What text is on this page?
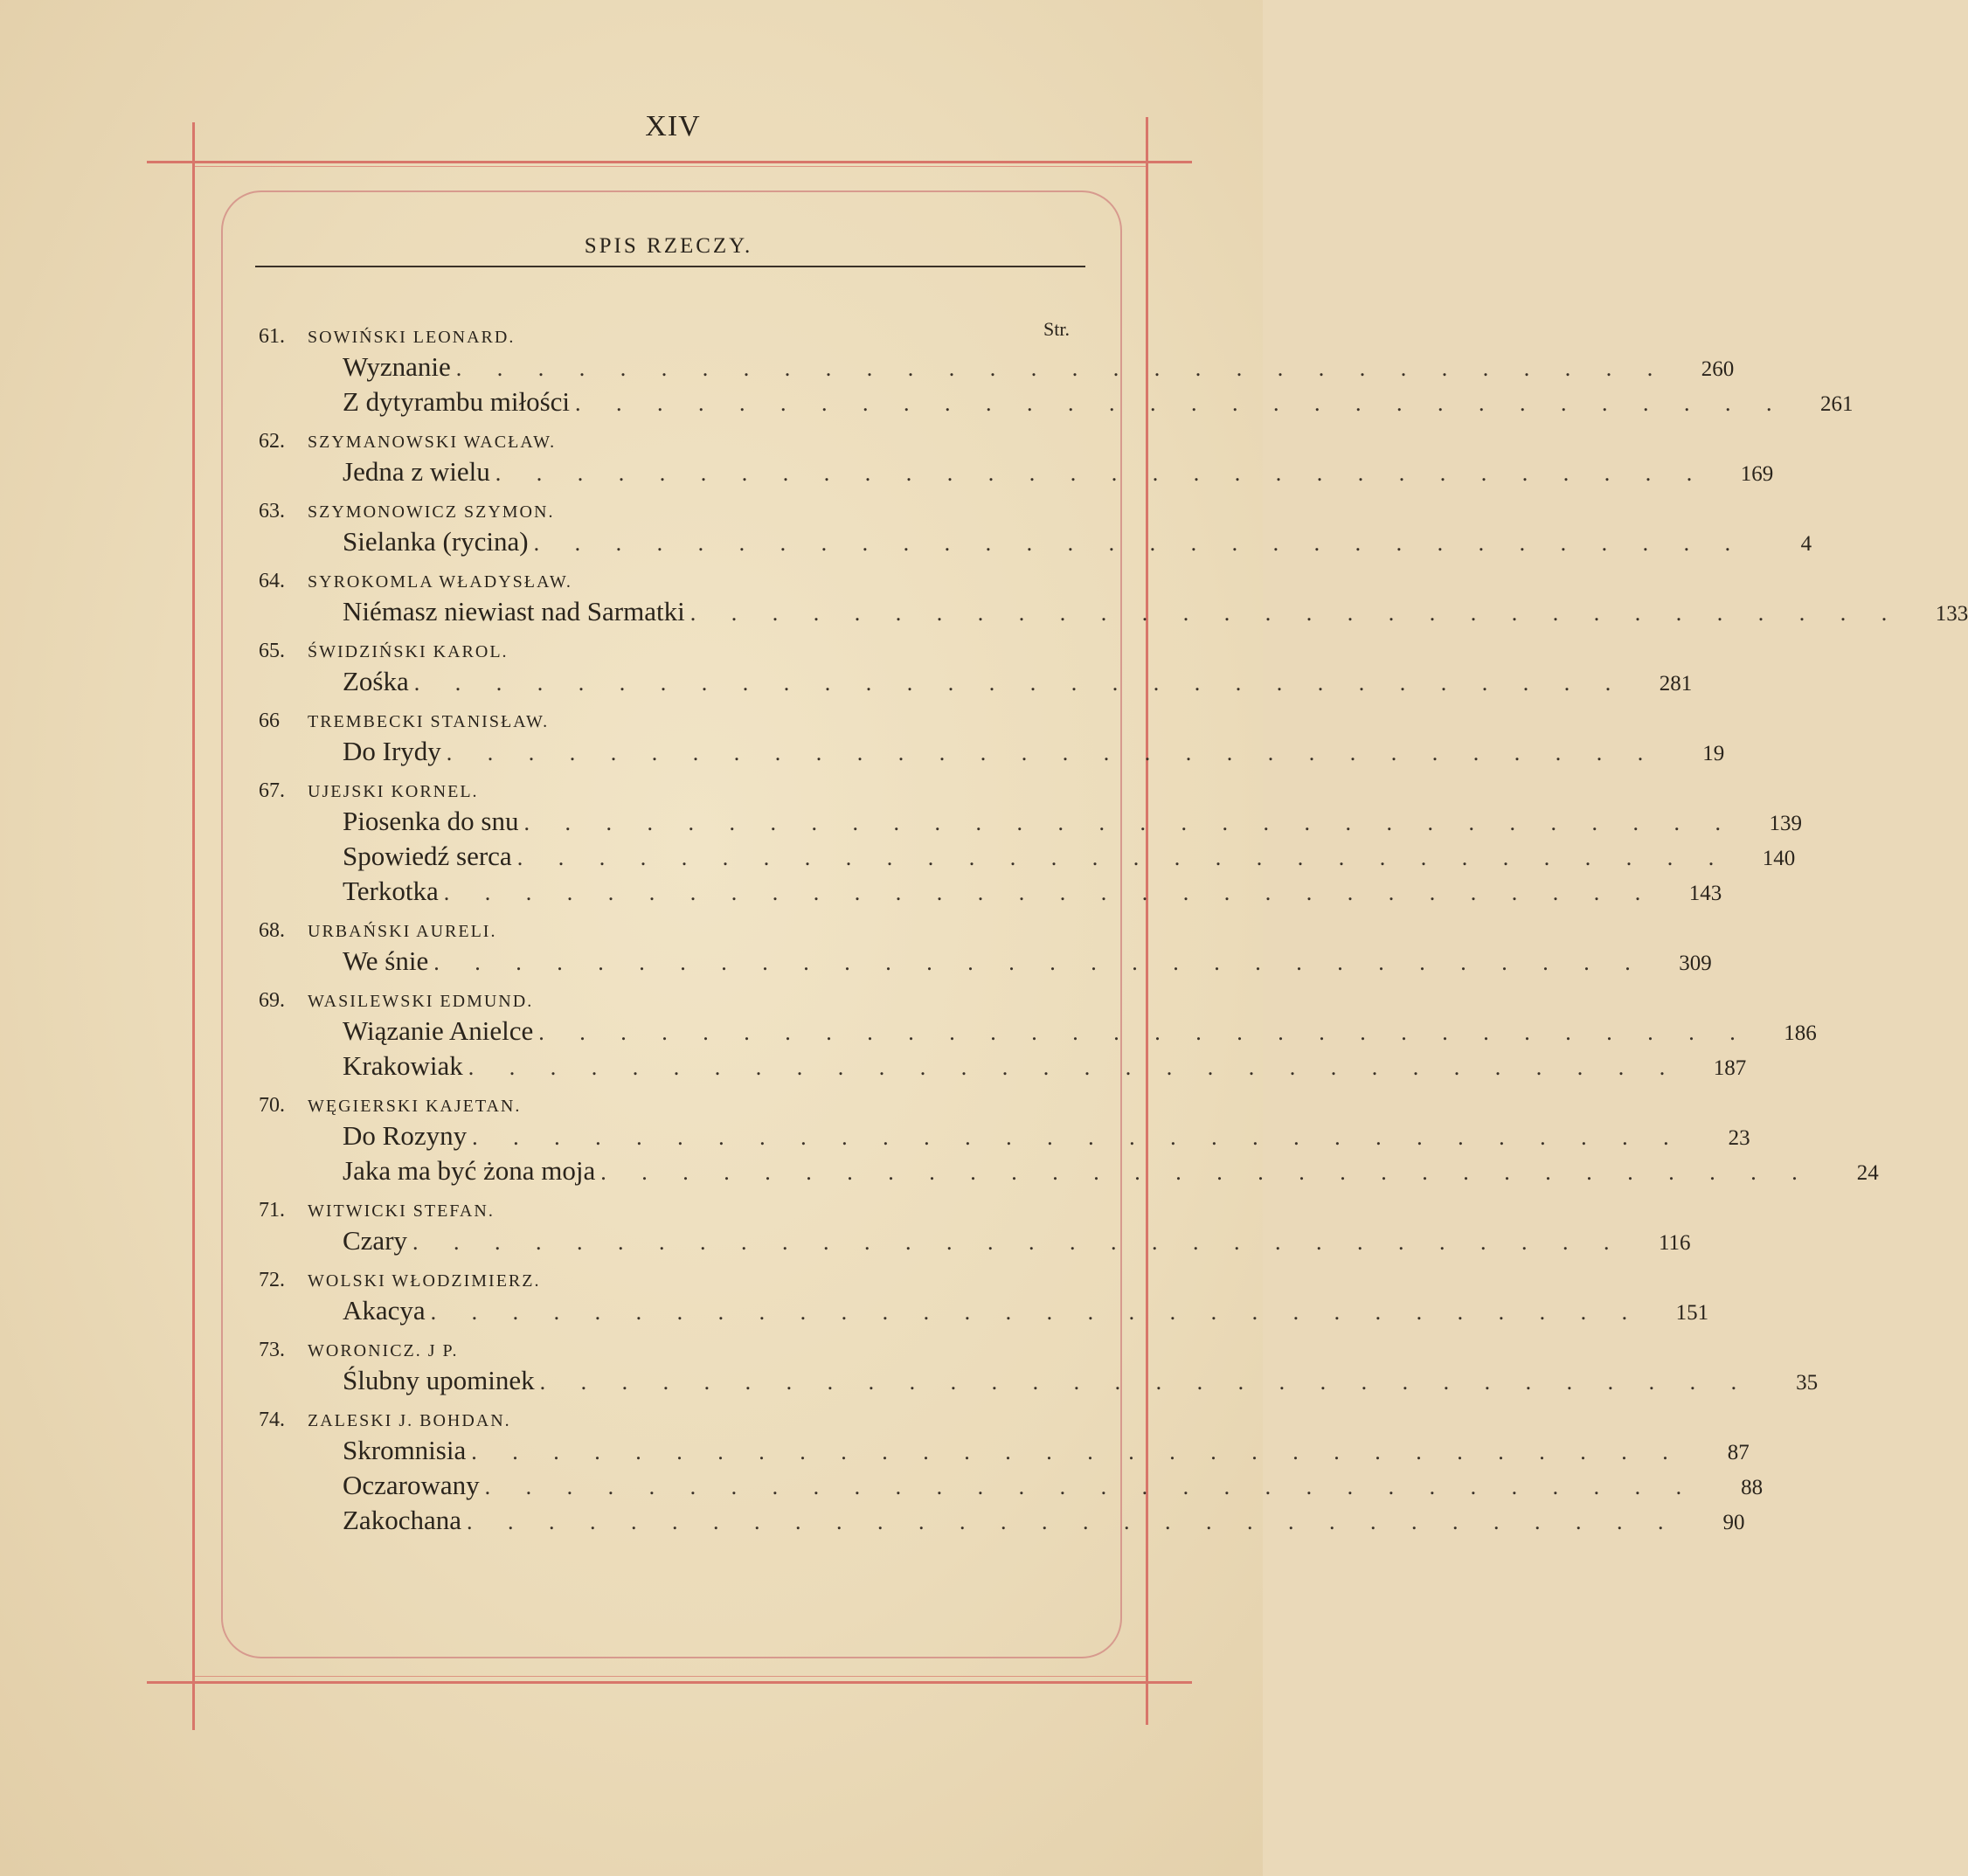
XIV
SPIS RZECZY.
Str.
61. SOWIŃSKI LEONARD.
Wyznanie . . . . . . . . . . . . . . . . . . . . . . . . . . . . . .	260
Z dytyrambu miłości . . . . . . . . . . . . . . . . . . . . . . . . . . . . . .	261
62. SZYMANOWSKI WACŁAW.
Jedna z wielu . . . . . . . . . . . . . . . . . . . . . . . . . . . . . .	169
63. SZYMONOWICZ SZYMON.
Sielanka (rycina) . . . . . . . . . . . . . . . . . . . . . . . . . . . . . .	4
64. SYROKOMLA WŁADYSŁAW.
Niémasz niewiast nad Sarmatki . . . . . . . . . . . . . . . . . . . . . . . . . . . . . .	133
65. ŚWIDZIŃSKI KAROL.
Zośka . . . . . . . . . . . . . . . . . . . . . . . . . . . . . .	281
66 TREMBECKI STANISŁAW.
Do Irydy . . . . . . . . . . . . . . . . . . . . . . . . . . . . . .	19
67. UJEJSKI KORNEL.
Piosenka do snu . . . . . . . . . . . . . . . . . . . . . . . . . . . . . .	139
Spowiedź serca . . . . . . . . . . . . . . . . . . . . . . . . . . . . . .	140
Terkotka . . . . . . . . . . . . . . . . . . . . . . . . . . . . . .	143
68. URBAŃSKI AURELI.
We śnie . . . . . . . . . . . . . . . . . . . . . . . . . . . . . .	309
69. WASILEWSKI EDMUND.
Wiązanie Anielce . . . . . . . . . . . . . . . . . . . . . . . . . . . . . .	186
Krakowiak . . . . . . . . . . . . . . . . . . . . . . . . . . . . . .	187
70. WĘGIERSKI KAJETAN.
Do Rozyny . . . . . . . . . . . . . . . . . . . . . . . . . . . . . .	23
Jaka ma być żona moja . . . . . . . . . . . . . . . . . . . . . . . . . . . . . .	24
71. WITWICKI STEFAN.
Czary . . . . . . . . . . . . . . . . . . . . . . . . . . . . . .	116
72. WOLSKI WŁODZIMIERZ.
Akacya . . . . . . . . . . . . . . . . . . . . . . . . . . . . . .	151
73. WORONICZ. J P.
Ślubny upominek . . . . . . . . . . . . . . . . . . . . . . . . . . . . . .	35
74. ZALESKI J. BOHDAN.
Skromnisia . . . . . . . . . . . . . . . . . . . . . . . . . . . . . .	87
Oczarowany . . . . . . . . . . . . . . . . . . . . . . . . . . . . . .	88
Zakochana . . . . . . . . . . . . . . . . . . . . . . . . . . . . . .	90
